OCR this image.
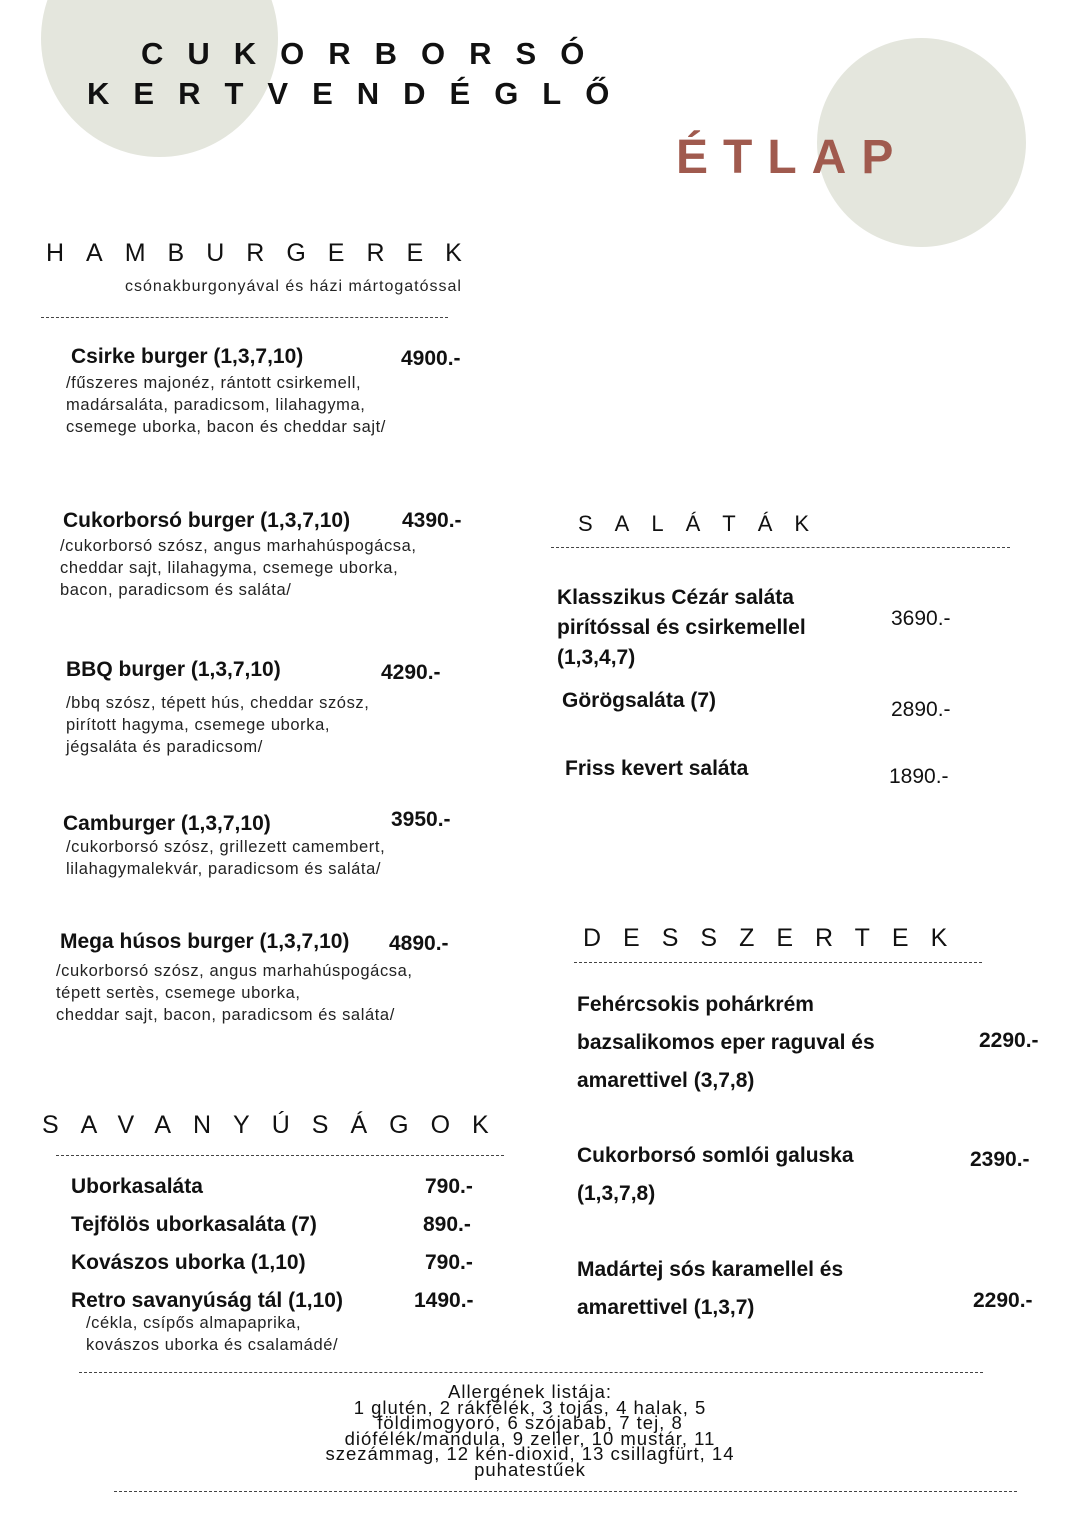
CUKORBORSÓ
KERTVENDÉGLŐ
ÉTLAP
HAMBURGEREK
csónakburgonyával és házi mártogatóssal
Csirke burger (1,3,7,10)	4900.-
/fűszeres majonéz, rántott csirkemell,
madársaláta, paradicsom, lilahagyma,
csemege uborka, bacon és cheddar sajt/
Cukorborsó burger (1,3,7,10) 4390.-
/cukorborsó szósz, angus marhahúspogácsa,
cheddar sajt, lilahagyma, csemege uborka,
bacon, paradicsom és saláta/
BBQ burger (1,3,7,10)	4290.-
/bbq szósz, tépett hús, cheddar szósz,
pirított hagyma, csemege uborka,
jégsaláta és paradicsom/
Camburger (1,3,7,10)	3950.-
/cukorborsó szósz, grillezett camembert,
lilahagymalekvár, paradicsom és saláta/
Mega húsos burger (1,3,7,10) 4890.-
/cukorborsó szósz, angus marhahúspogácsa,
tépett sertès, csemege uborka,
cheddar sajt, bacon, paradicsom és saláta/
SAVANYÚSÁGOK
Uborkasaláta	790.-
Tejfölös uborkasaláta (7)	890.-
Kovászos uborka (1,10)	790.-
Retro savanyúság tál (1,10)	1490.-
/cékla, csípős almapaprika,
kovászos uborka és csalamádé/
SALÁTÁK
Klasszikus Cézár saláta
pirítóssal és csirkemellel
(1,3,4,7)
3690.-
Görögsaláta (7)	2890.-
Friss kevert saláta	1890.-
DESSZERTEK
Fehércsokis pohárkrém
bazsalikomos eper raguval és
amarettivel (3,7,8)
2290.-
Cukorborsó somlói galuska
(1,3,7,8)
2390.-
Madártej sós karamellel és
amarettivel (1,3,7)	2290.-
Allergének listája:
1 glutén, 2 rákfélék, 3 tojás, 4 halak, 5
földimogyoró, 6 szójabab, 7 tej, 8
diófélék/mandula, 9 zeller, 10 mustár, 11
szezámmag, 12 kén-dioxid, 13 csillagfürt, 14
puhatestűek
